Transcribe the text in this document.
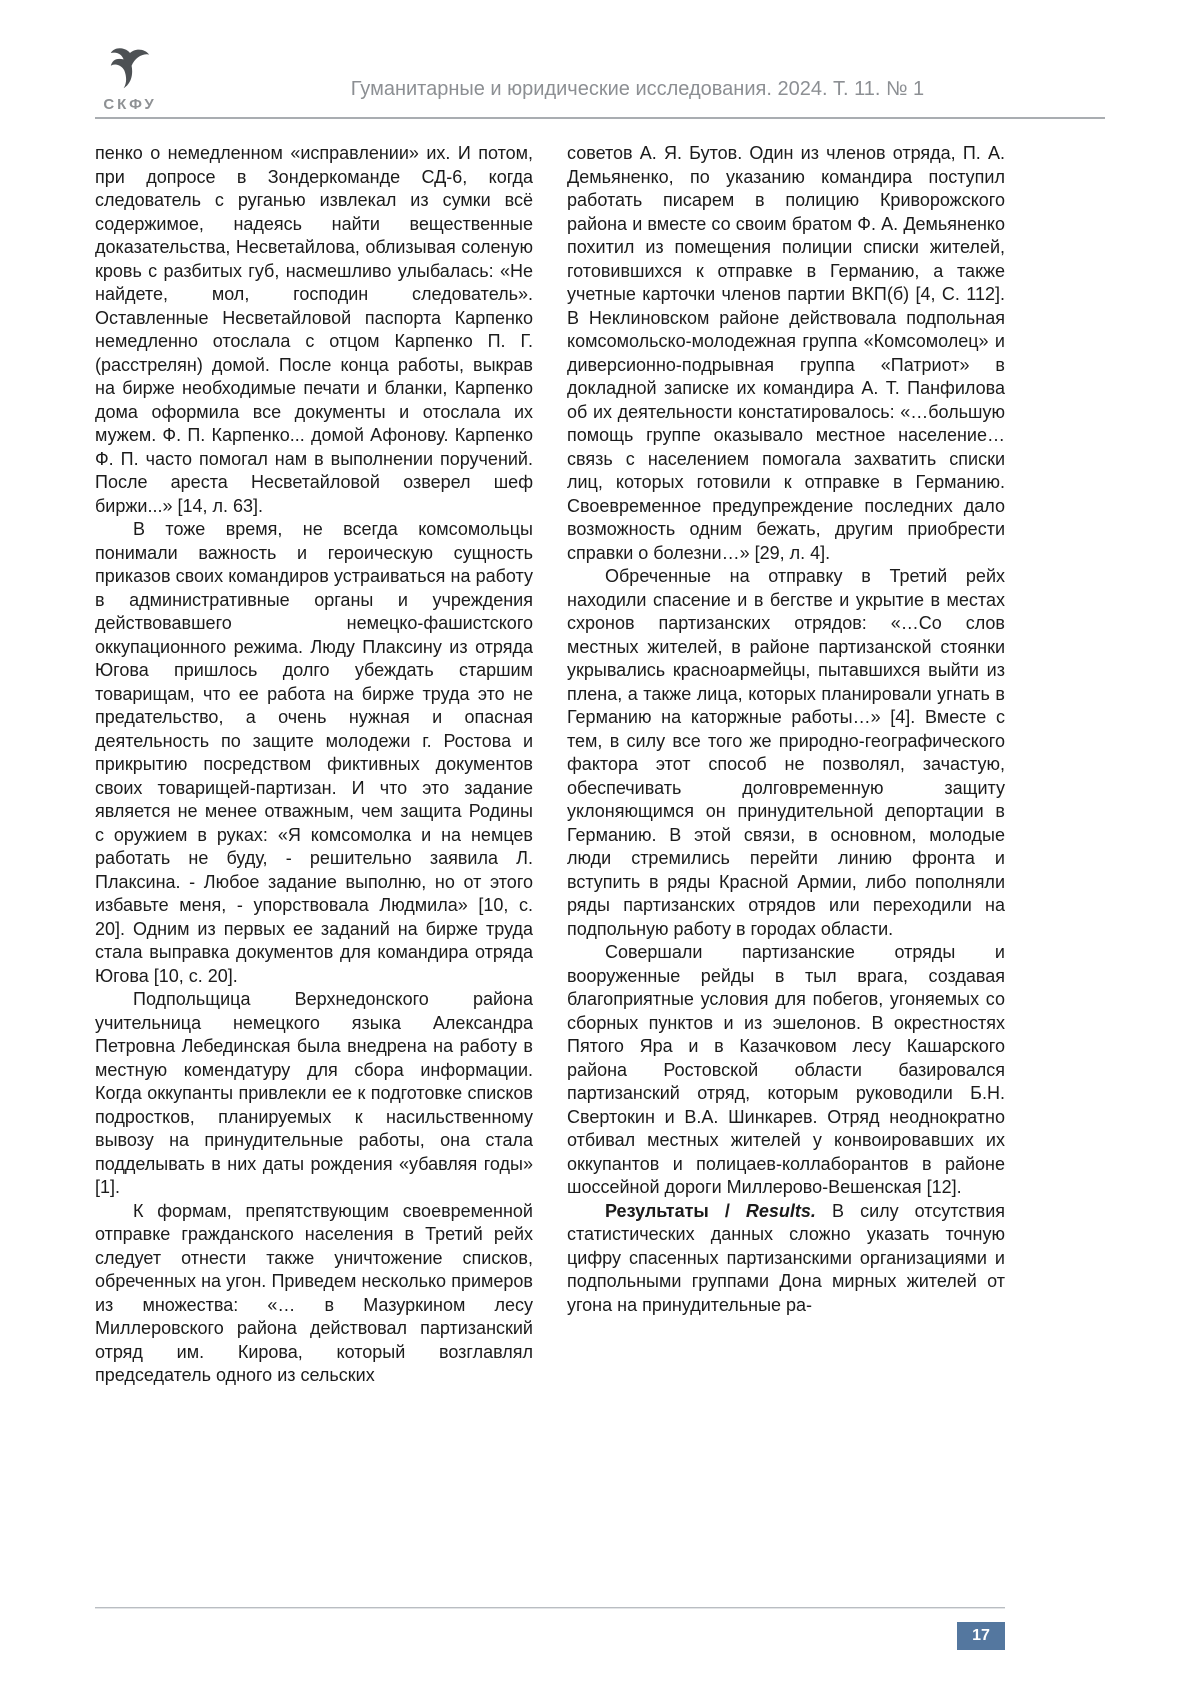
СКФУ
Гуманитарные и юридические исследования. 2024. Т. 11. № 1

пенко о немедленном «исправлении» их. И потом, при допросе в Зондеркоманде СД-6, когда следователь с руганью извлекал из сумки всё содержимое, надеясь найти вещественные доказательства, Несветайлова, облизывая соленую кровь с разбитых губ, насмешливо улыбалась: «Не найдете, мол, господин следователь». Оставленные Несветайловой паспорта Карпенко немедленно отослала с отцом Карпенко П. Г. (расстрелян) домой. После конца работы, выкрав на бирже необходимые печати и бланки, Карпенко дома оформила все документы и отослала их мужем. Ф. П. Карпенко... домой Афонову. Карпенко Ф. П. часто помогал нам в выполнении поручений. После ареста Несветайловой озверел шеф биржи...» [14, л. 63].

В тоже время, не всегда комсомольцы понимали важность и героическую сущность приказов своих командиров устраиваться на работу в административные органы и учреждения действовавшего немецко-фашистского оккупационного режима. Люду Плаксину из отряда Югова пришлось долго убеждать старшим товарищам, что ее работа на бирже труда это не предательство, а очень нужная и опасная деятельность по защите молодежи г. Ростова и прикрытию посредством фиктивных документов своих товарищей-партизан. И что это задание является не менее отважным, чем защита Родины с оружием в руках: «Я комсомолка и на немцев работать не буду, - решительно заявила Л. Плаксина. - Любое задание выполню, но от этого избавьте меня, - упорствовала Людмила» [10, с. 20]. Одним из первых ее заданий на бирже труда стала выправка документов для командира отряда Югова [10, с. 20].

Подпольщица Верхнедонского района учительница немецкого языка Александра Петровна Лебединская была внедрена на работу в местную комендатуру для сбора информации. Когда оккупанты привлекли ее к подготовке списков подростков, планируемых к насильственному вывозу на принудительные работы, она стала подделывать в них даты рождения «убавляя годы» [1].

К формам, препятствующим своевременной отправке гражданского населения в Третий рейх следует отнести также уничтожение списков, обреченных на угон. Приведем несколько примеров из множества: «… в Мазуркином лесу Миллеровского района действовал партизанский отряд им. Кирова, который возглавлял председатель одного из сельских

советов А. Я. Бутов. Один из членов отряда, П. А. Демьяненко, по указанию командира поступил работать писарем в полицию Криворожского района и вместе со своим братом Ф. А. Демьяненко похитил из помещения полиции списки жителей, готовившихся к отправке в Германию, а также учетные карточки членов партии ВКП(б) [4, С. 112]. В Неклиновском районе действовала подпольная комсомольско-молодежная группа «Комсомолец» и диверсионно-подрывная группа «Патриот» в докладной записке их командира А. Т. Панфилова об их деятельности констатировалось: «…большую помощь группе оказывало местное население…связь с населением помогала захватить списки лиц, которых готовили к отправке в Германию. Своевременное предупреждение последних дало возможность одним бежать, другим приобрести справки о болезни…» [29, л. 4].

Обреченные на отправку в Третий рейх находили спасение и в бегстве и укрытие в местах схронов партизанских отрядов: «…Со слов местных жителей, в районе партизанской стоянки укрывались красноармейцы, пытавшихся выйти из плена, а также лица, которых планировали угнать в Германию на каторжные работы…» [4]. Вместе с тем, в силу все того же природно-географического фактора этот способ не позволял, зачастую, обеспечивать долговременную защиту уклоняющимся он принудительной депортации в Германию. В этой связи, в основном, молодые люди стремились перейти линию фронта и вступить в ряды Красной Армии, либо пополняли ряды партизанских отрядов или переходили на подпольную работу в городах области.

Совершали партизанские отряды и вооруженные рейды в тыл врага, создавая благоприятные условия для побегов, угоняемых со сборных пунктов и из эшелонов. В окрестностях Пятого Яра и в Казачковом лесу Кашарского района Ростовской области базировался партизанский отряд, которым руководили Б.Н. Свертокин и В.А. Шинкарев. Отряд неоднократно отбивал местных жителей у конвоировавших их оккупантов и полицаев-коллаборантов в районе шоссейной дороги Миллерово-Вешенская [12].

Результаты / Results. В силу отсутствия статистических данных сложно указать точную цифру спасенных партизанскими организациями и подпольными группами Дона мирных жителей от угона на принудительные ра-

17
